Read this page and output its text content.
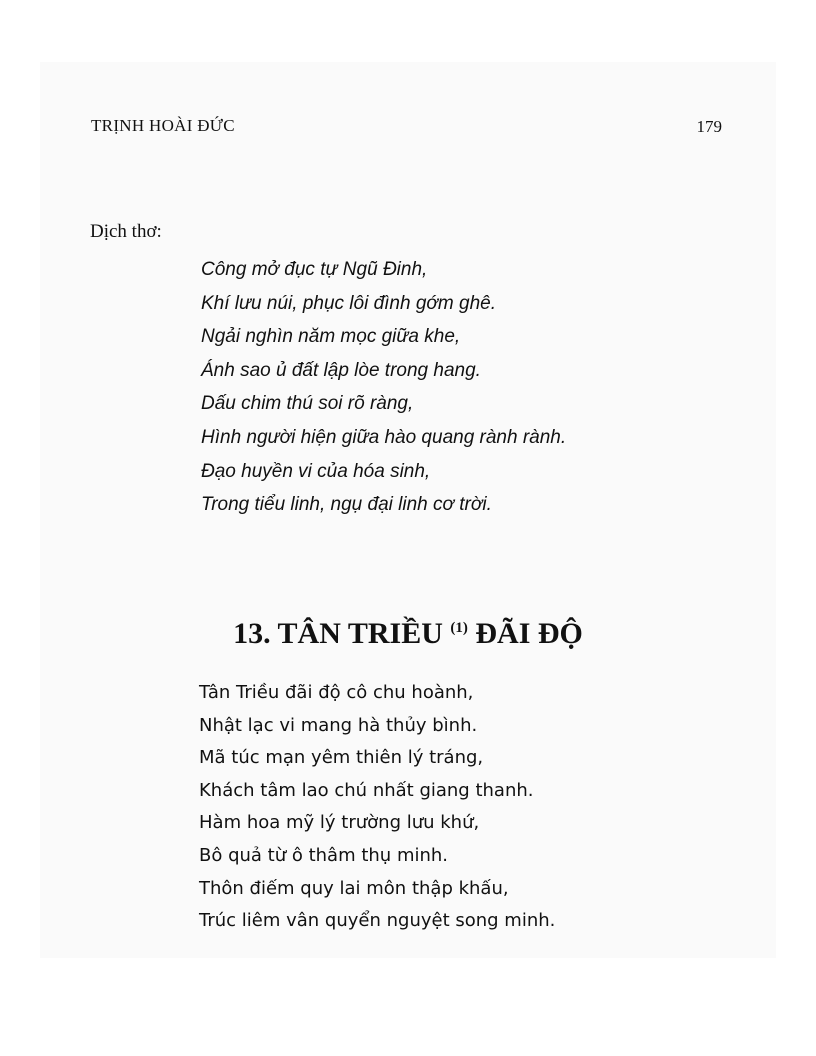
TRỊNH HOÀI ĐỨC	179
Dịch thơ:
Công mở đục tự Ngũ Đinh,
Khí lưu núi, phục lôi đình gớm ghê.
Ngải nghìn năm mọc giữa khe,
Ánh sao ủ đất lập lòe trong hang.
Dấu chim thú soi rõ ràng,
Hình người hiện giữa hào quang rành rành.
Đạo huyền vi của hóa sinh,
Trong tiểu linh, ngụ đại linh cơ trời.
13. TÂN TRIỀU $^{(1)}$ ĐÃI ĐỘ
Tân Triều đãi độ cô chu hoành,
Nhật lạc vi mang hà thủy bình.
Mã túc mạn yêm thiên lý tráng,
Khách tâm lao chú nhất giang thanh.
Hàm hoa mỹ lý trường lưu khứ,
Bô quả từ ô thâm thụ minh.
Thôn điếm quy lai môn thập khấu,
Trúc liêm vân quyển nguyệt song minh.
